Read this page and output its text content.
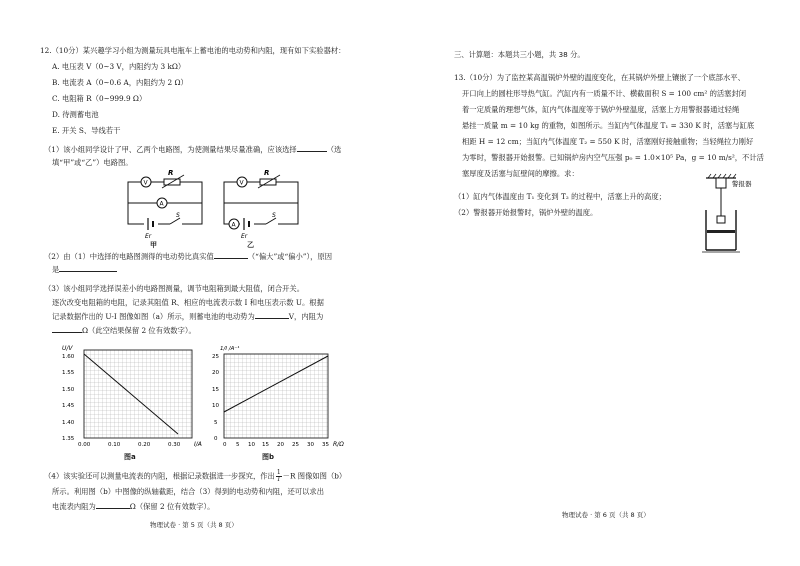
12.（10分）某兴趣学习小组为测量玩具电瓶车上蓄电池的电动势和内阻，现有如下实验器材：
A. 电压表 V（0~3 V，内阻约为 3 kΩ）
B. 电流表 A（0~0.6 A，内阻约为 2 Ω）
C. 电阻箱 R（0~999.9 Ω）
D. 待测蓄电池
E. 开关 S、导线若干
（1）该小组同学设计了甲、乙两个电路图，为使测量结果尽量准确，应该选择	（选
填“甲”或“乙”）电路图。
V
R
A
Er
S
甲
V
R
A
Er
S
乙
（2）由（1）中选择的电路图测得的电动势比真实值	（“偏大”或“偏小”），原因
是
（3）该小组同学选择误差小的电路图测量，调节电阻箱到最大阻值，闭合开关。
逐次改变电阻箱的电阻，记录其阻值 R、相应的电流表示数 I 和电压表示数 U。根据
记录数据作出的 U-I 图像如图（a）所示，则蓄电池的电动势为	V，内阻为
Ω（此空结果保留 2 位有效数字）。
U/V
1.60
1.55
1.50
1.45
1.40
1.35
0.00	0.10	0.20	0.30 I/A
图a
1/I /A⁻¹
25
20
15
10
5
0
0 5 10 15 20 25 30 35 R/Ω
图b
（4）该实验还可以测量电流表的内阻，根据记录数据进一步探究，作出 $\frac{1}{I} -R$ 图像如图（b）
所示。利用图（b）中图像的纵轴截距，结合（3）得到的电动势和内阻，还可以求出
电流表内阻为	Ω（保留 2 位有效数字）。
物理试卷 · 第 5 页（共 8 页）
三、计算题：本题共三小题，共 38 分。
13.（10分）为了监控某高温锅炉外壁的温度变化，在其锅炉外壁上镶嵌了一个底部水平、
开口向上的圆柱形导热气缸。汽缸内有一质量不计、横截面积 S = 100 cm² 的活塞封闭
着一定质量的理想气体，缸内气体温度等于锅炉外壁温度，活塞上方用警报器通过轻绳
悬挂一质量 m = 10 kg 的重物，如图所示。当缸内气体温度 T₁ = 330 K 时，活塞与缸底
相距 H = 12 cm；当缸内气体温度 T₂ = 550 K 时，活塞刚好接触重物；当轻绳拉力刚好
为零时，警报器开始报警。已知锅炉房内空气压强 p₀ = 1.0×10⁵ Pa，g = 10 m/s²，不计活
塞厚度及活塞与缸壁间的摩擦。求：
（1）缸内气体温度由 T₁ 变化到 T₂ 的过程中，活塞上升的高度；
（2）警报器开始报警时，锅炉外壁的温度。
警报器
物理试卷 · 第 6 页（共 8 页）
